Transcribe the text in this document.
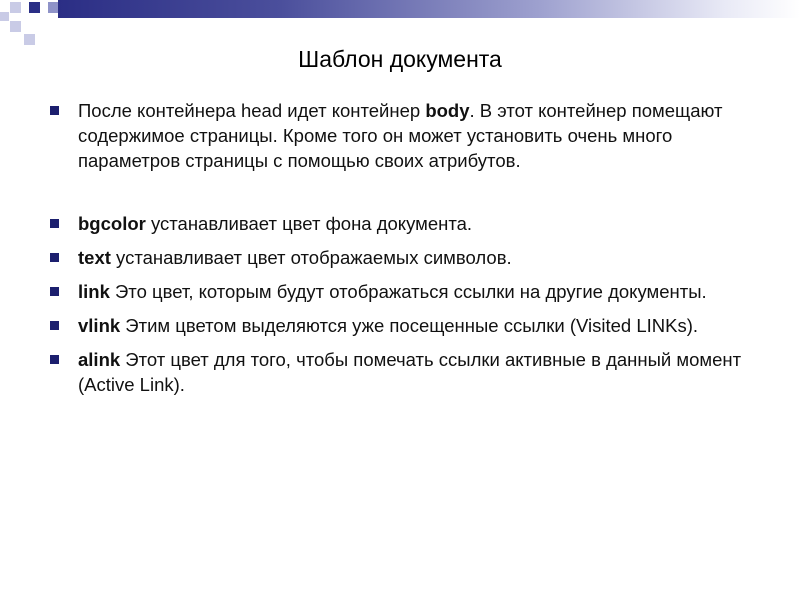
Шаблон документа
После контейнера head идет контейнер body. В этот контейнер помещают содержимое страницы. Кроме того он может установить очень много параметров страницы с помощью своих атрибутов.
bgcolor устанавливает цвет фона документа.
text устанавливает цвет отображаемых символов.
link Это цвет, которым будут отображаться ссылки на другие документы.
vlink Этим цветом выделяются уже посещенные ссылки (Visited LINKs).
alink Этот цвет для того, чтобы помечать ссылки активные в данный момент (Active Link).
